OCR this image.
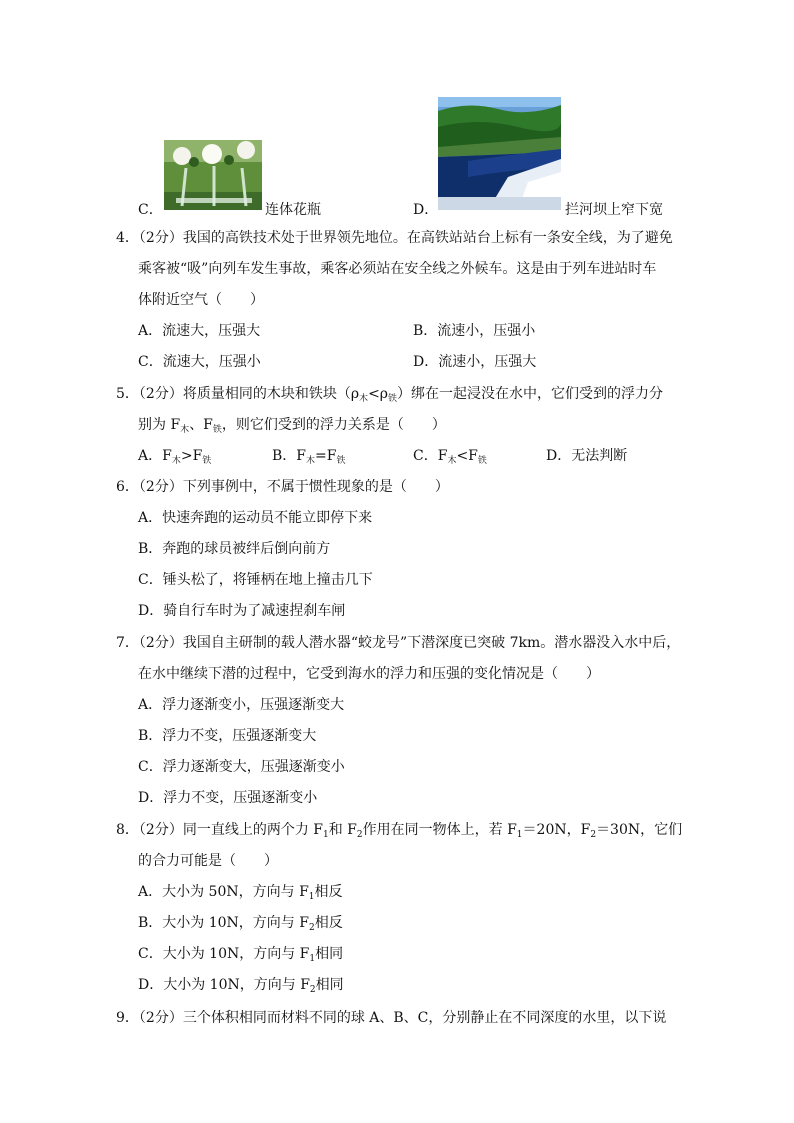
C．	连体花瓶	D．	拦河坝上窄下宽
4．（2分）我国的高铁技术处于世界领先地位。在高铁站站台上标有一条安全线，为了避免
乘客被“吸”向列车发生事故，乘客必须站在安全线之外候车。这是由于列车进站时车
体附近空气（　　）
A．流速大，压强大	B．流速小，压强小
C．流速大，压强小	D．流速小，压强大
5．（2分）将质量相同的木块和铁块$(\rho_木<\rho_铁)$绑在一起浸没在水中，它们受到的浮力分
别为 $F_木$、$F_铁$，则它们受到的浮力关系是（　　）
A．$F_木>F_铁$	B．$F_木=F_铁$	C．$F_木<F_铁$	D．无法判断
6．（2分）下列事例中，不属于惯性现象的是（　　）
A．快速奔跑的运动员不能立即停下来
B．奔跑的球员被绊后倒向前方
C．锤头松了，将锤柄在地上撞击几下
D．骑自行车时为了减速捏刹车闸
7．（2分）我国自主研制的载人潜水器“蛟龙号”下潜深度已突破 7km。潜水器没入水中后，
在水中继续下潜的过程中，它受到海水的浮力和压强的变化情况是（　　）
A．浮力逐渐变小，压强逐渐变大
B．浮力不变，压强逐渐变大
C．浮力逐渐变大，压强逐渐变小
D．浮力不变，压强逐渐变小
8．（2分）同一直线上的两个力 $F_1$和 $F_2$作用在同一物体上，若 $F_1=20N$，$F_2=30N$，它们
的合力可能是（　　）
A．大小为 50N，方向与 $F_1$相反
B．大小为 10N，方向与 $F_2$相反
C．大小为 10N，方向与 $F_1$相同
D．大小为 10N，方向与 $F_2$相同
9．（2分）三个体积相同而材料不同的球 A、B、C，分别静止在不同深度的水里，以下说
